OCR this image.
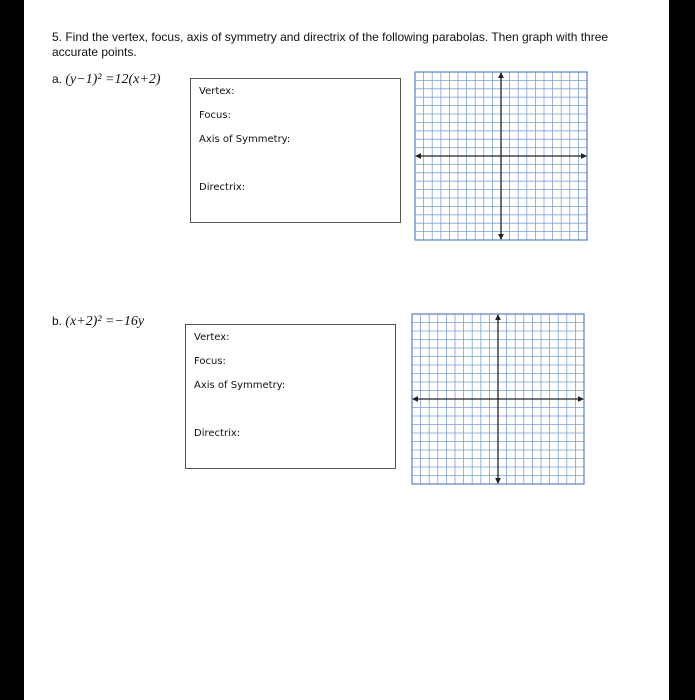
5. Find the vertex, focus, axis of symmetry and directrix of the following parabolas. Then graph with three accurate points.

a. (y−1)² =12(x+2)
Vertex:
Focus:
Axis of Symmetry:
Directrix:
b. (x+2)² =−16y
Vertex:
Focus:
Axis of Symmetry:
Directrix:
